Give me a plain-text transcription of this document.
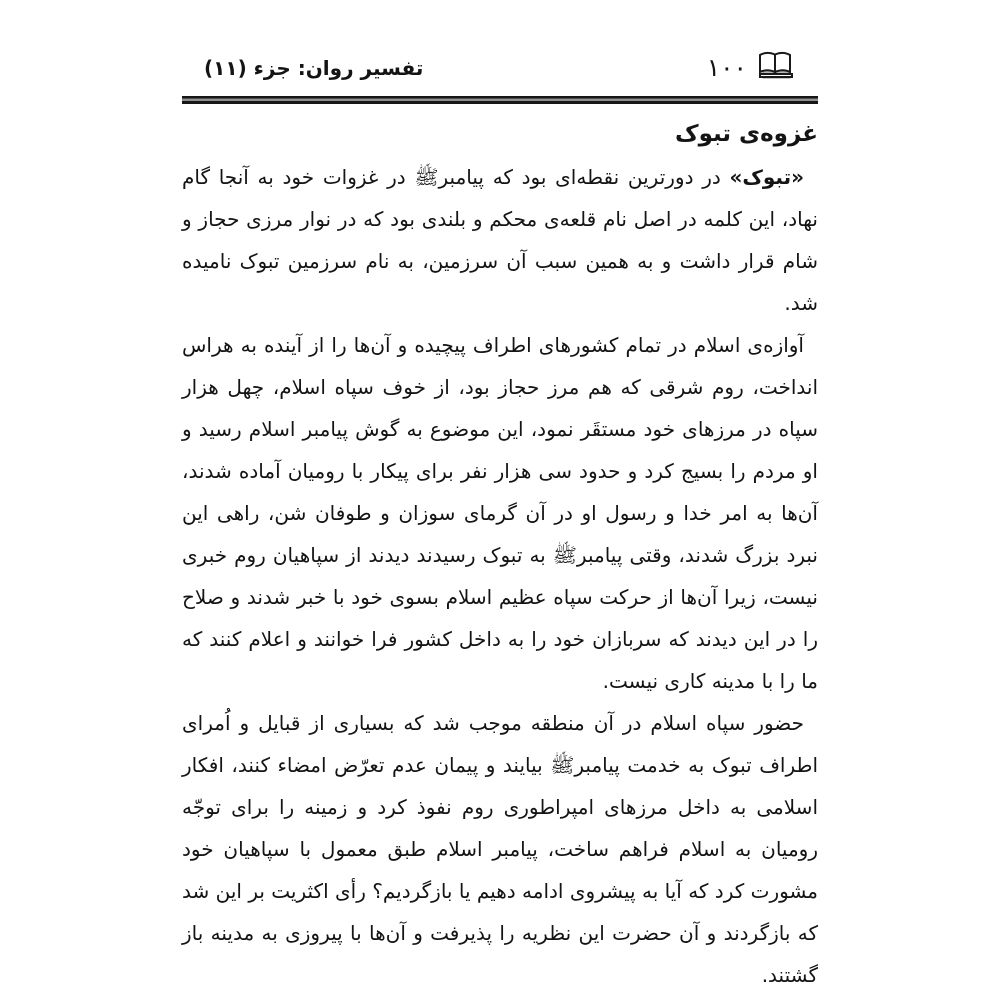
۱۰۰
تفسیر روان: جزء (۱۱)
غزوه‌ی تبوک

«تبوک» در دورترین نقطه‌ای بود که پیامبرﷺ در غزوات خود به آنجا گام نهاد، این کلمه در اصل نام قلعه‌ی محکم و بلندی بود که در نوار مرزی حجاز و شام قرار داشت و به همین سبب آن سرزمین، به نام سرزمین تبوک نامیده شد.

آوازه‌ی اسلام در تمام کشورهای اطراف پیچیده و آن‌ها را از آینده به هراس انداخت، روم شرقی که هم مرز حجاز بود، از خوف سپاه اسلام، چهل هزار سپاه در مرزهای خود مستقَر نمود، این موضوع به گوش پیامبر اسلام رسید و او مردم را بسیج کرد و حدود سی هزار نفر برای پیکار با رومیان آماده شدند، آن‌ها به امر خدا و رسول او در آن گرمای سوزان و طوفان شن، راهی این نبرد بزرگ شدند، وقتی پیامبرﷺ به تبوک رسیدند دیدند از سپاهیان روم خبری نیست، زیرا آن‌ها از حرکت سپاه عظیم اسلام بسوی خود با خبر شدند و صلاح را در این دیدند که سربازان خود را به داخل کشور فرا خوانند و اعلام کنند که ما را با مدینه کاری نیست.

حضور سپاه اسلام در آن منطقه موجب شد که بسیاری از قبایل و اُمرای اطراف تبوک به خدمت پیامبرﷺ بیایند و پیمان عدم تعرّض امضاء کنند، افکار اسلامی به داخل مرزهای امپراطوری روم نفوذ کرد و زمینه را برای توجّه رومیان به اسلام فراهم ساخت، پیامبر اسلام طبق معمول با سپاهیان خود مشورت کرد که آیا به پیشروی ادامه دهیم یا بازگردیم؟ رأی اکثریت بر این شد که بازگردند و آن حضرت این نظریه را پذیرفت و آن‌ها با پیروزی به مدینه باز گشتند.
